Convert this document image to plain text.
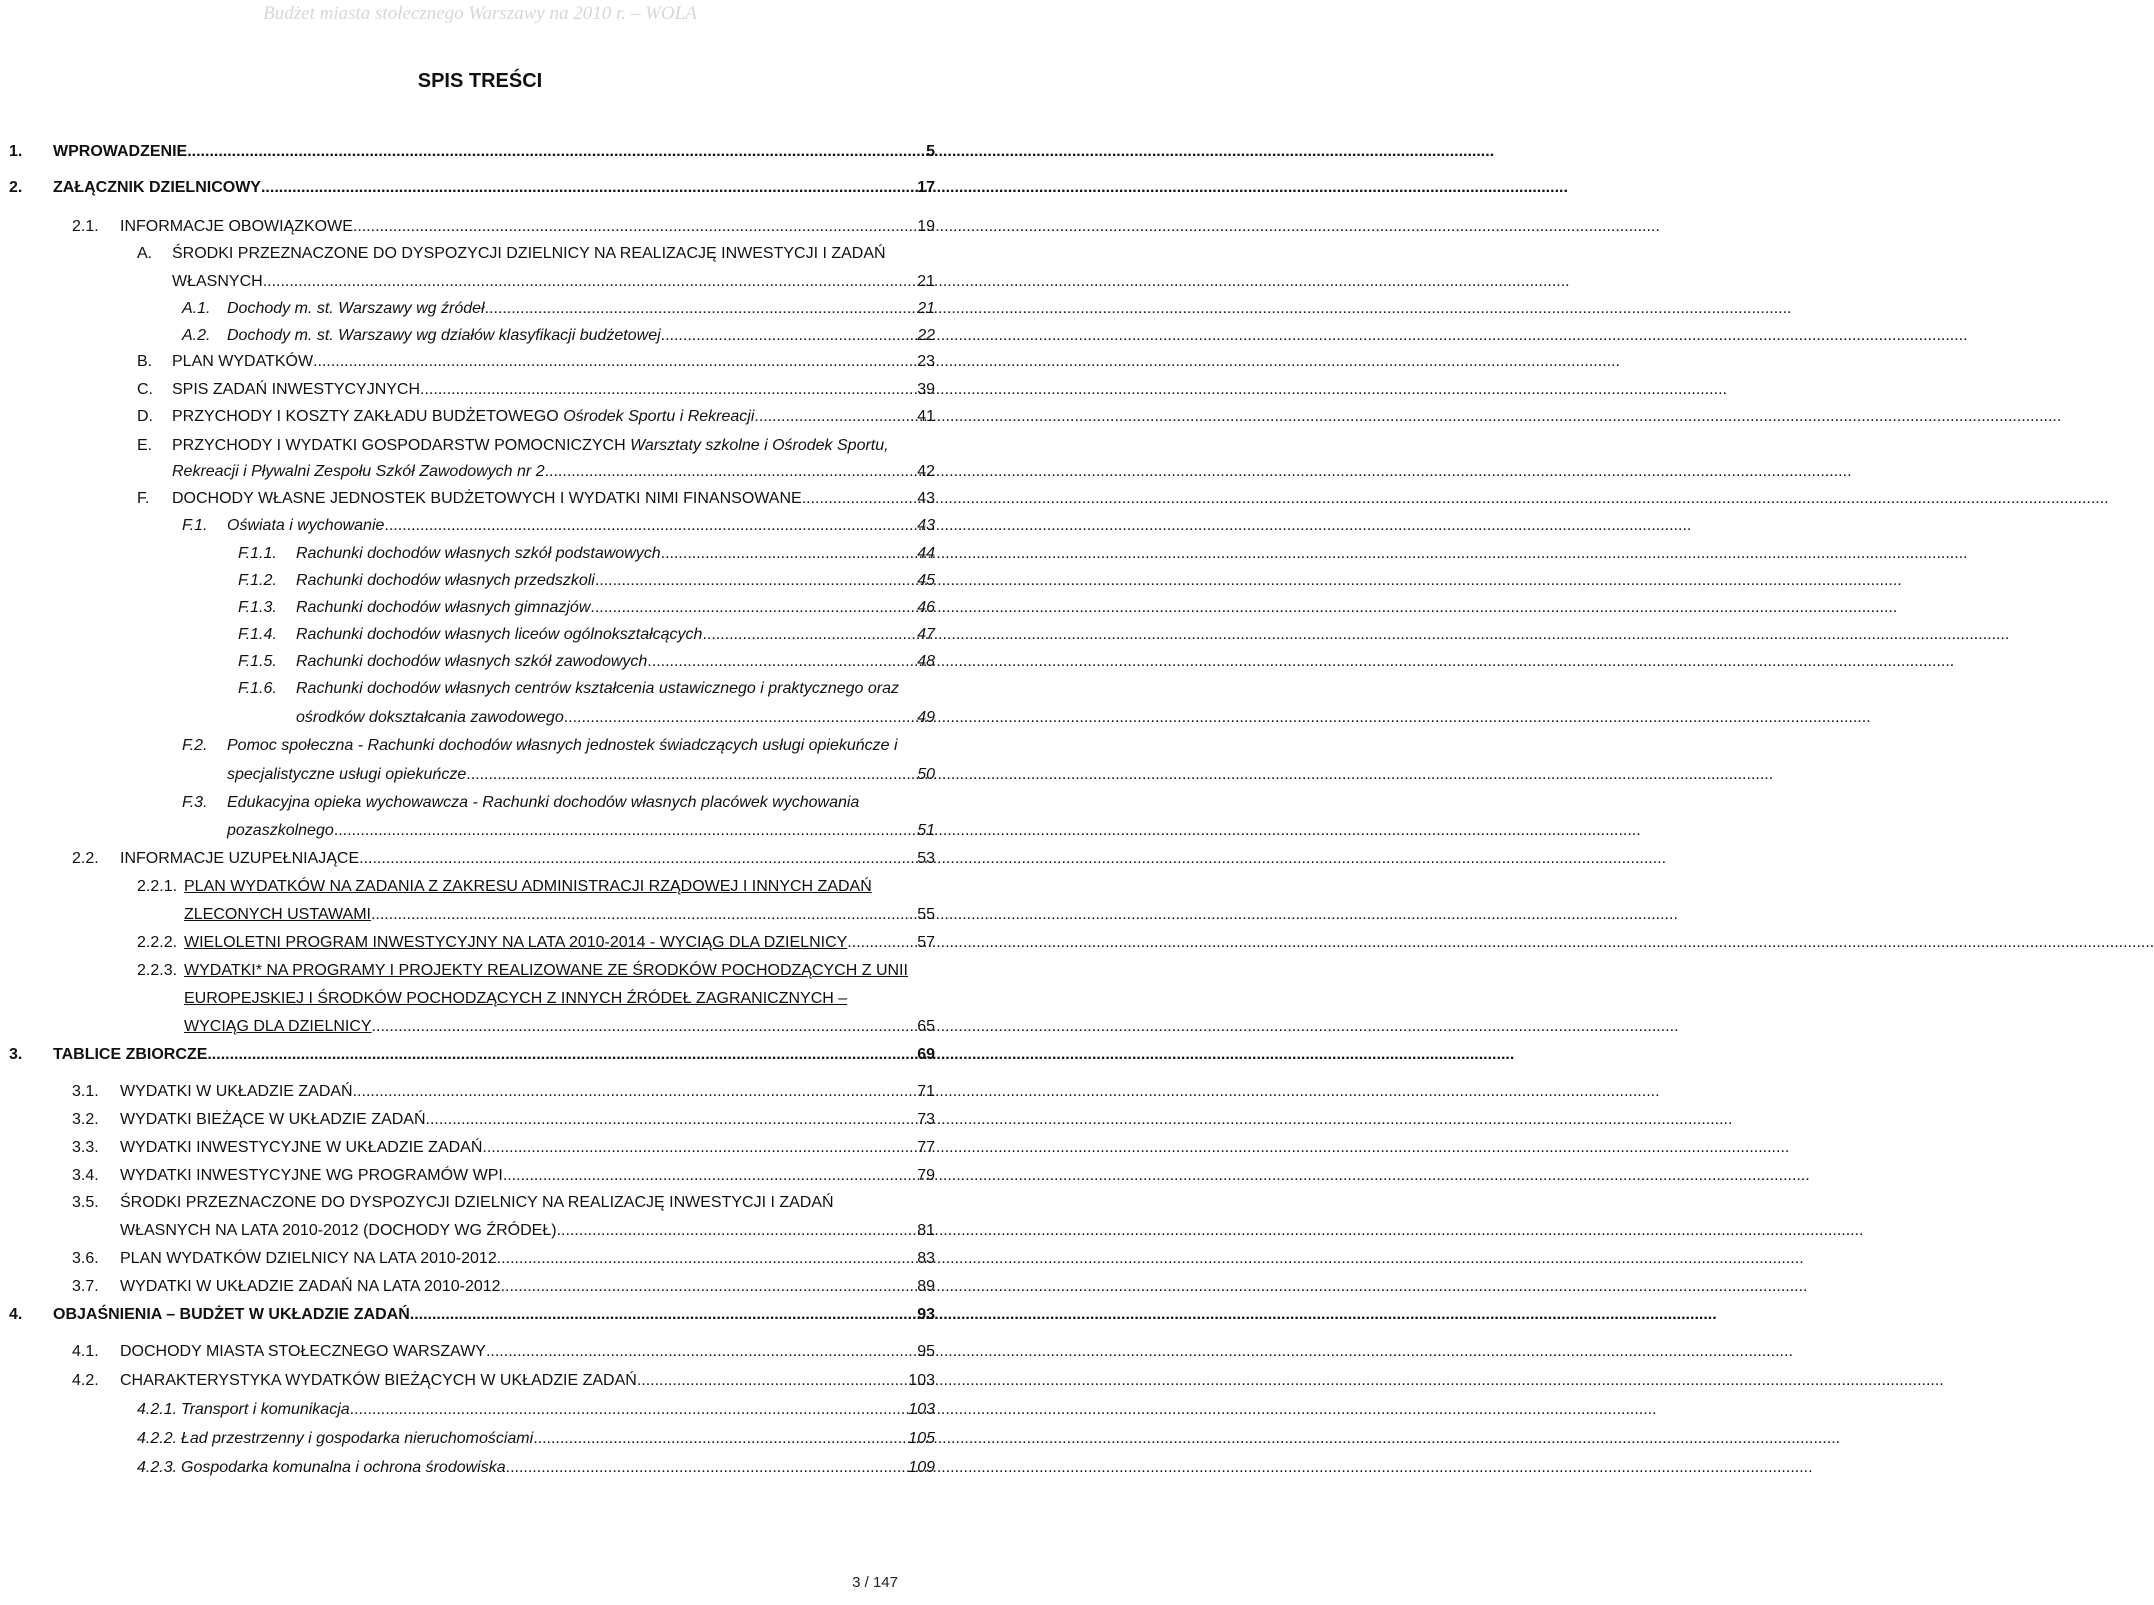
Budżet miasta stołecznego Warszawy na 2010 r. – WOLA
SPIS TREŚCI
1.	WPROWADZENIE .....	5
2.	ZAŁĄCZNIK DZIELNICOWY .....	17
2.1.	INFORMACJE OBOWIĄZKOWE .....	19
A.	ŚRODKI PRZEZNACZONE DO DYSPOZYCJI DZIELNICY NA REALIZACJĘ INWESTYCJI I ZADAŃ
WŁASNYCH .....	21
A.1.	Dochody m. st. Warszawy wg źródeł .....	21
A.2.	Dochody m. st. Warszawy wg działów klasyfikacji budżetowej .....	22
B.	PLAN WYDATKÓW .....	23
C.	SPIS ZADAŃ INWESTYCYJNYCH .....	39
D.	PRZYCHODY I KOSZTY ZAKŁADU BUDŻETOWEGO Ośrodek Sportu i Rekreacji .....	41
E.	PRZYCHODY I WYDATKI GOSPODARSTW POMOCNICZYCH Warsztaty szkolne i Ośrodek Sportu,
Rekreacji i Pływalni Zespołu Szkół Zawodowych nr 2 .....	42
F.	DOCHODY WŁASNE JEDNOSTEK BUDŻETOWYCH I WYDATKI NIMI FINANSOWANE .....	43
F.1.	Oświata i wychowanie .....	43
F.1.1.	Rachunki dochodów własnych szkół podstawowych .....	44
F.1.2.	Rachunki dochodów własnych przedszkoli .....	45
F.1.3.	Rachunki dochodów własnych gimnazjów .....	46
F.1.4.	Rachunki dochodów własnych liceów ogólnokształcących .....	47
F.1.5.	Rachunki dochodów własnych szkół zawodowych .....	48
F.1.6.	Rachunki dochodów własnych centrów kształcenia ustawicznego i praktycznego oraz
ośrodków dokształcania zawodowego .....	49
F.2.	Pomoc społeczna - Rachunki dochodów własnych jednostek świadczących usługi opiekuńcze i
specjalistyczne usługi opiekuńcze .....	50
F.3.	Edukacyjna opieka wychowawcza - Rachunki dochodów własnych placówek wychowania
pozaszkolnego .....	51
2.2.	INFORMACJE UZUPEŁNIAJĄCE .....	53
2.2.1. PLAN WYDATKÓW NA ZADANIA Z ZAKRESU ADMINISTRACJI RZĄDOWEJ I INNYCH ZADAŃ
ZLECONYCH USTAWAMI .....	55
2.2.2. WIELOLETNI PROGRAM INWESTYCYJNY NA LATA 2010-2014 - WYCIĄG DLA DZIELNICY .....	57
2.2.3. WYDATKI* NA PROGRAMY I PROJEKTY REALIZOWANE ZE ŚRODKÓW POCHODZĄCYCH Z UNII
EUROPEJSKIEJ I ŚRODKÓW POCHODZĄCYCH Z INNYCH ŹRÓDEŁ ZAGRANICZNYCH –
WYCIĄG DLA DZIELNICY .....	65
3.	TABLICE ZBIORCZE .....	69
3.1.	WYDATKI W UKŁADZIE ZADAŃ .....	71
3.2.	WYDATKI BIEŻĄCE W UKŁADZIE ZADAŃ .....	73
3.3.	WYDATKI INWESTYCYJNE W UKŁADZIE ZADAŃ .....	77
3.4.	WYDATKI INWESTYCYJNE WG PROGRAMÓW WPI .....	79
3.5.	ŚRODKI PRZEZNACZONE DO DYSPOZYCJI DZIELNICY NA REALIZACJĘ INWESTYCJI I ZADAŃ
WŁASNYCH NA LATA 2010-2012 (DOCHODY WG ŹRÓDEŁ) .....	81
3.6.	PLAN WYDATKÓW DZIELNICY NA LATA 2010-2012 .....	83
3.7.	WYDATKI W UKŁADZIE ZADAŃ NA LATA 2010-2012 .....	89
4.	OBJAŚNIENIA – BUDŻET W UKŁADZIE ZADAŃ .....	93
4.1.	DOCHODY MIASTA STOŁECZNEGO WARSZAWY .....	95
4.2.	CHARAKTERYSTYKA WYDATKÓW BIEŻĄCYCH W UKŁADZIE ZADAŃ .....	103
4.2.1. Transport i komunikacja .....	103
4.2.2. Ład przestrzenny i gospodarka nieruchomościami .....	105
4.2.3. Gospodarka komunalna i ochrona środowiska .....	109
3 / 147
